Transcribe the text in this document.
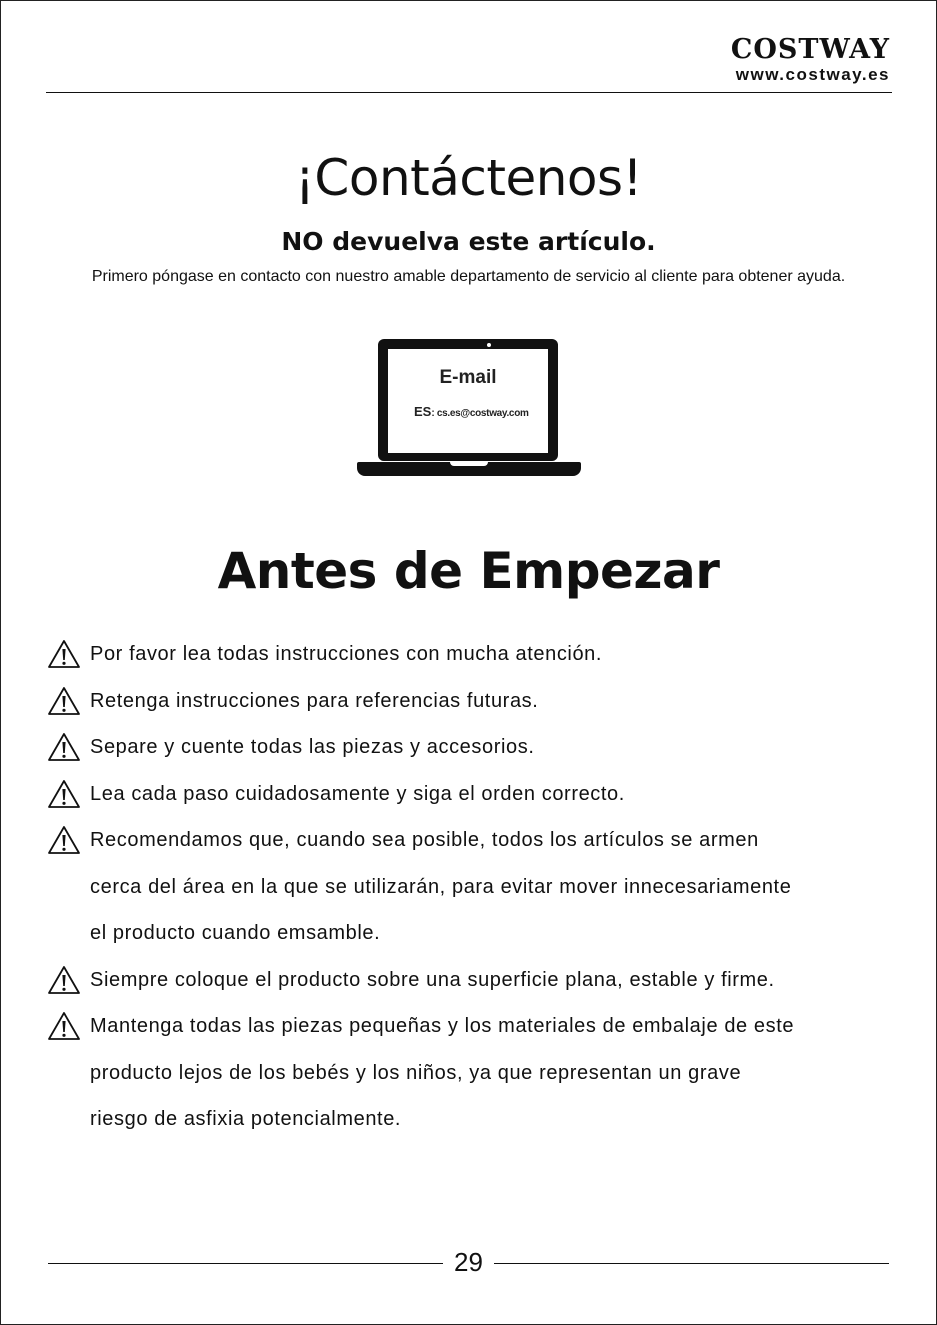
COSTWAY
www.costway.es
¡Contáctenos!
NO devuelva este artículo.
Primero póngase en contacto con nuestro amable departamento de servicio al cliente para obtener ayuda.
E-mail
ES: cs.es@costway.com
Antes de Empezar
Por favor lea todas instrucciones con mucha atención.
Retenga instrucciones para referencias futuras.
Separe y cuente todas las piezas y accesorios.
Lea cada paso cuidadosamente y siga el orden correcto.
Recomendamos que, cuando sea posible, todos los artículos se armen
cerca del área en la que se utilizarán, para evitar mover innecesariamente
el producto cuando emsamble.
Siempre coloque el producto sobre una superficie plana, estable y firme.
Mantenga todas las piezas pequeñas y los materiales de embalaje de este
producto lejos de los bebés y los niños, ya que representan un grave
riesgo de asfixia potencialmente.
29
